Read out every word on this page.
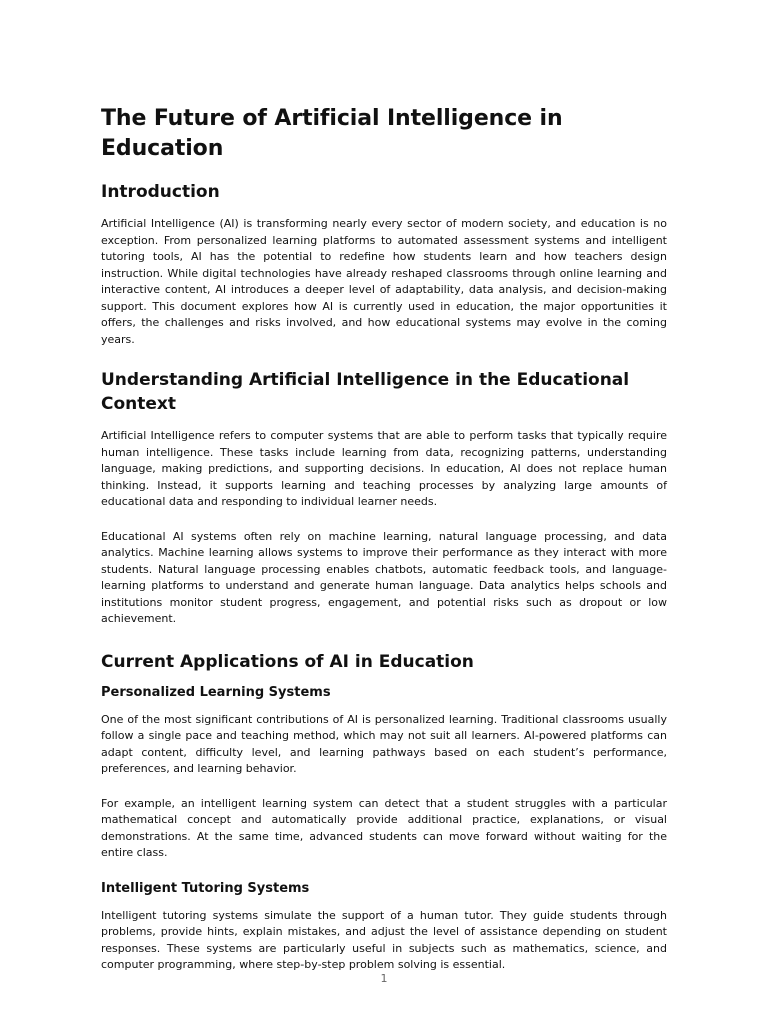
The Future of Artificial Intelligence in Education
Introduction

Artificial Intelligence (AI) is transforming nearly every sector of modern society, and education is no exception. From personalized learning platforms to automated assessment systems and intelligent tutoring tools, AI has the potential to redefine how students learn and how teachers design instruction. While digital technologies have already reshaped classrooms through online learning and interactive content, AI introduces a deeper level of adaptability, data analysis, and decision-making support. This document explores how AI is currently used in education, the major opportunities it offers, the challenges and risks involved, and how educational systems may evolve in the coming years.

Understanding Artificial Intelligence in the Educational Context

Artificial Intelligence refers to computer systems that are able to perform tasks that typically require human intelligence. These tasks include learning from data, recognizing patterns, understanding language, making predictions, and supporting decisions. In education, AI does not replace human thinking. Instead, it supports learning and teaching processes by analyzing large amounts of educational data and responding to individual learner needs.

Educational AI systems often rely on machine learning, natural language processing, and data analytics. Machine learning allows systems to improve their performance as they interact with more students. Natural language processing enables chatbots, automatic feedback tools, and language-learning platforms to understand and generate human language. Data analytics helps schools and institutions monitor student progress, engagement, and potential risks such as dropout or low achievement.

Current Applications of AI in Education
Personalized Learning Systems

One of the most significant contributions of AI is personalized learning. Traditional classrooms usually follow a single pace and teaching method, which may not suit all learners. AI-powered platforms can adapt content, difficulty level, and learning pathways based on each student’s performance, preferences, and learning behavior.

For example, an intelligent learning system can detect that a student struggles with a particular mathematical concept and automatically provide additional practice, explanations, or visual demonstrations. At the same time, advanced students can move forward without waiting for the entire class.

Intelligent Tutoring Systems

Intelligent tutoring systems simulate the support of a human tutor. They guide students through problems, provide hints, explain mistakes, and adjust the level of assistance depending on student responses. These systems are particularly useful in subjects such as mathematics, science, and computer programming, where step-by-step problem solving is essential.

1
